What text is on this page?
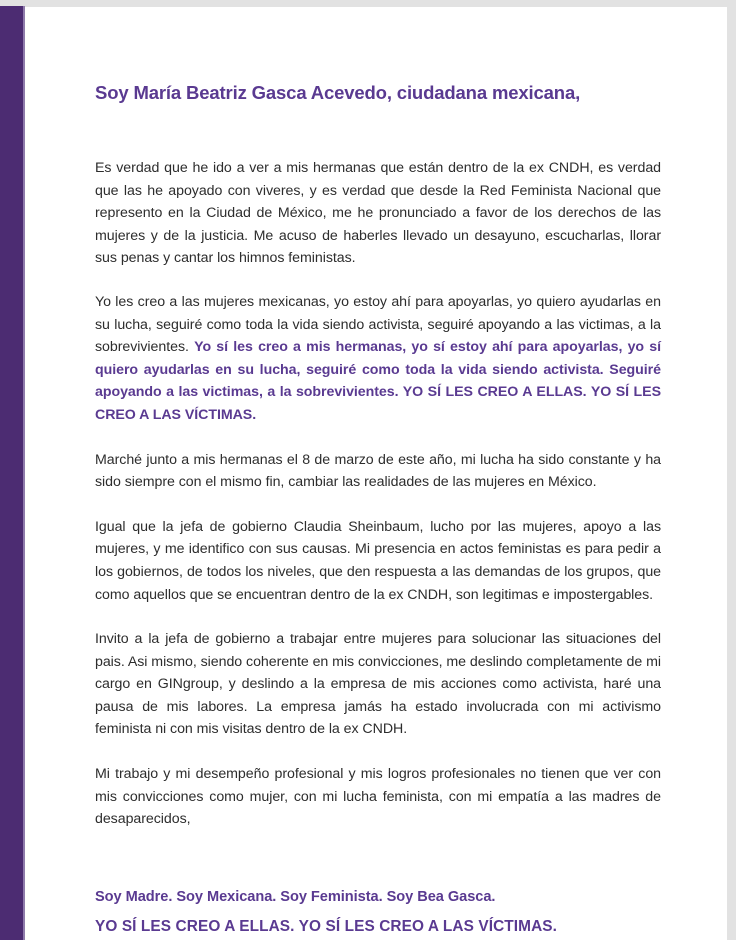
Soy María Beatriz Gasca Acevedo, ciudadana mexicana,

Es verdad que he ido a ver a mis hermanas que están dentro de la ex CNDH, es verdad que las he apoyado con viveres, y es verdad que desde la Red Feminista Nacional que represento en la Ciudad de México, me he pronunciado a favor de los derechos de las mujeres y de la justicia. Me acuso de haberles llevado un desayuno, escucharlas, llorar sus penas y cantar los himnos feministas.

Yo les creo a las mujeres mexicanas, yo estoy ahí para apoyarlas, yo quiero ayudarlas en su lucha, seguiré como toda la vida siendo activista, seguiré apoyando a las victimas, a la sobrevivientes. Yo sí les creo a mis hermanas, yo sí estoy ahí para apoyarlas, yo sí quiero ayudarlas en su lucha, seguiré como toda la vida siendo activista. Seguiré apoyando a las victimas, a la sobrevivientes. YO SÍ LES CREO A ELLAS. YO SÍ LES CREO A LAS VÍCTIMAS.

Marché junto a mis hermanas el 8 de marzo de este año, mi lucha ha sido constante y ha sido siempre con el mismo fin, cambiar las realidades de las mujeres en México.

Igual que la jefa de gobierno Claudia Sheinbaum, lucho por las mujeres, apoyo a las mujeres, y me identifico con sus causas. Mi presencia en actos feministas es para pedir a los gobiernos, de todos los niveles, que den respuesta a las demandas de los grupos, que como aquellos que se encuentran dentro de la ex CNDH, son legitimas e impostergables.

Invito a la jefa de gobierno a trabajar entre mujeres para solucionar las situaciones del pais. Asi mismo, siendo coherente en mis convicciones, me deslindo completamente de mi cargo en GINgroup, y deslindo a la empresa de mis acciones como activista, haré una pausa de mis labores. La empresa jamás ha estado involucrada con mi activismo feminista ni con mis visitas dentro de la ex CNDH.

Mi trabajo y mi desempeño profesional y mis logros profesionales no tienen que ver con mis convicciones como mujer, con mi lucha feminista, con mi empatía a las madres de desaparecidos,

Soy Madre. Soy Mexicana. Soy Feminista. Soy Bea Gasca.
YO SÍ LES CREO A ELLAS. YO SÍ LES CREO A LAS VÍCTIMAS.
